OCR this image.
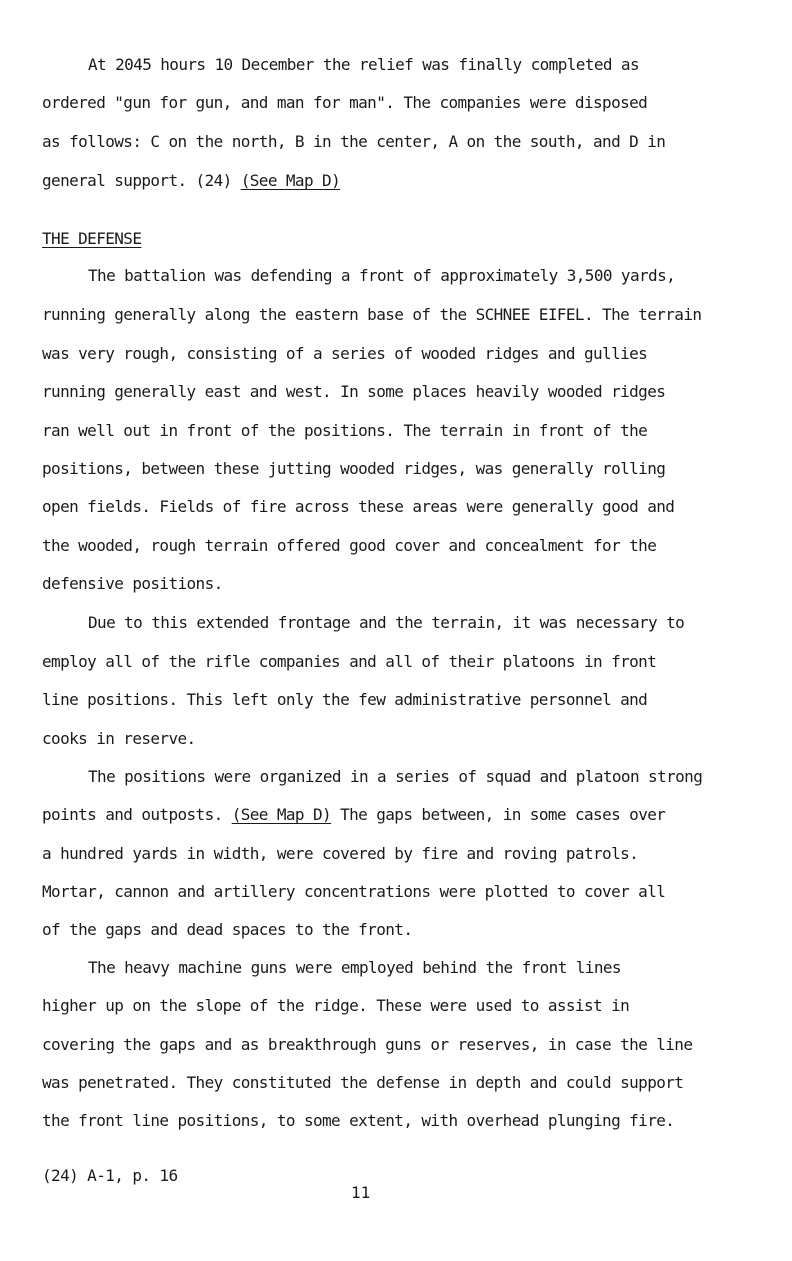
At 2045 hours 10 December the relief was finally completed as
ordered "gun for gun, and man for man". The companies were disposed
as follows: C on the north, B in the center, A on the south, and D in
general support. (24) (See Map D)
THE DEFENSE
The battalion was defending a front of approximately 3,500 yards,
running generally along the eastern base of the SCHNEE EIFEL. The terrain
was very rough, consisting of a series of wooded ridges and gullies
running generally east and west. In some places heavily wooded ridges
ran well out in front of the positions. The terrain in front of the
positions, between these jutting wooded ridges, was generally rolling
open fields. Fields of fire across these areas were generally good and
the wooded, rough terrain offered good cover and concealment for the
defensive positions.
Due to this extended frontage and the terrain, it was necessary to
employ all of the rifle companies and all of their platoons in front
line positions. This left only the few administrative personnel and
cooks in reserve.
The positions were organized in a series of squad and platoon strong
points and outposts. (See Map D) The gaps between, in some cases over
a hundred yards in width, were covered by fire and roving patrols.
Mortar, cannon and artillery concentrations were plotted to cover all
of the gaps and dead spaces to the front.
The heavy machine guns were employed behind the front lines
higher up on the slope of the ridge. These were used to assist in
covering the gaps and as breakthrough guns or reserves, in case the line
was penetrated. They constituted the defense in depth and could support
the front line positions, to some extent, with overhead plunging fire.
(24) A-1, p. 16
11
